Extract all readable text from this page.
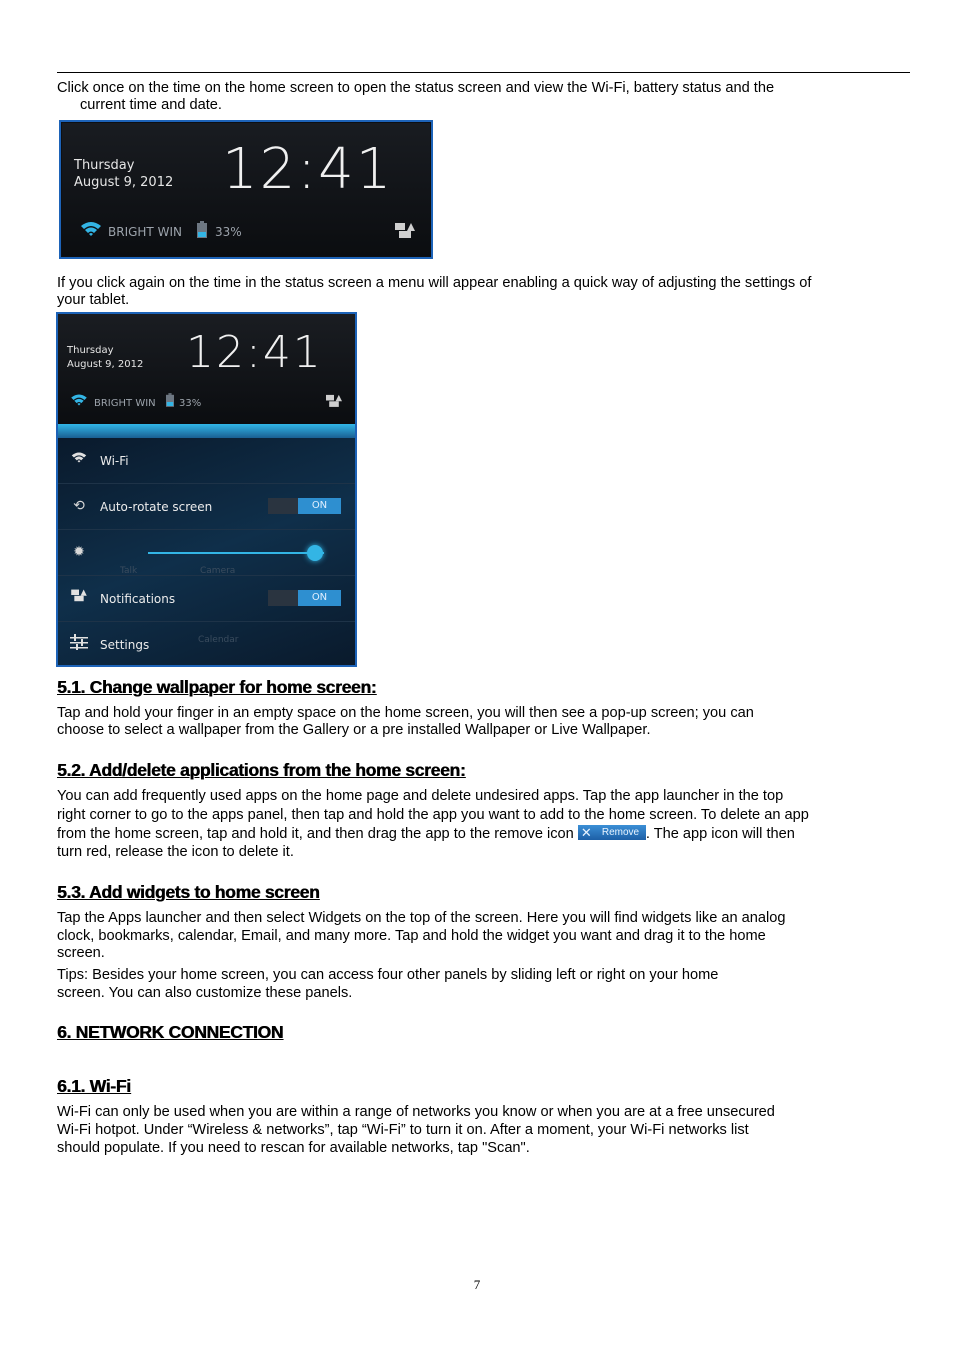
Click once on the time on the home screen to open the status screen and view the Wi-Fi, battery status and the

current time and date.

Thursday
August 9, 2012 12:41
BRIGHT WIN	33%

If you click again on the time in the status screen a menu will appear enabling a quick way of adjusting the settings of

your tablet.

Thursday
August 9, 2012 12:41
BRIGHT WIN 33%
Talk	Camera
Calendar
Wi-Fi
⟲ Auto-rotate screen	ON
✹
Notifications	ON
Settings
5.1. Change wallpaper for home screen:

Tap and hold your finger in an empty space on the home screen, you will then see a pop-up screen; you can

choose to select a wallpaper from the Gallery or a pre installed Wallpaper or Live Wallpaper.

5.2. Add/delete applications from the home screen:

You can add frequently used apps on the home page and delete undesired apps. Tap the app launcher in the top

right corner to go to the apps panel, then tap and hold the app you want to add to the home screen. To delete an app

from the home screen, tap and hold it, and then drag the app to the remove icon ✕ Remove . The app icon will then

turn red, release the icon to delete it.

5.3. Add widgets to home screen

Tap the Apps launcher and then select Widgets on the top of the screen. Here you will find widgets like an analog

clock, bookmarks, calendar, Email, and many more. Tap and hold the widget you want and drag it to the home

screen.

Tips: Besides your home screen, you can access four other panels by sliding left or right on your home

screen. You can also customize these panels.

6. NETWORK CONNECTION
6.1. Wi-Fi

Wi-Fi can only be used when you are within a range of networks you know or when you are at a free unsecured

Wi-Fi hotpot. Under “Wireless & networks”, tap “Wi-Fi” to turn it on. After a moment, your Wi-Fi networks list

should populate. If you need to rescan for available networks, tap "Scan".

7
